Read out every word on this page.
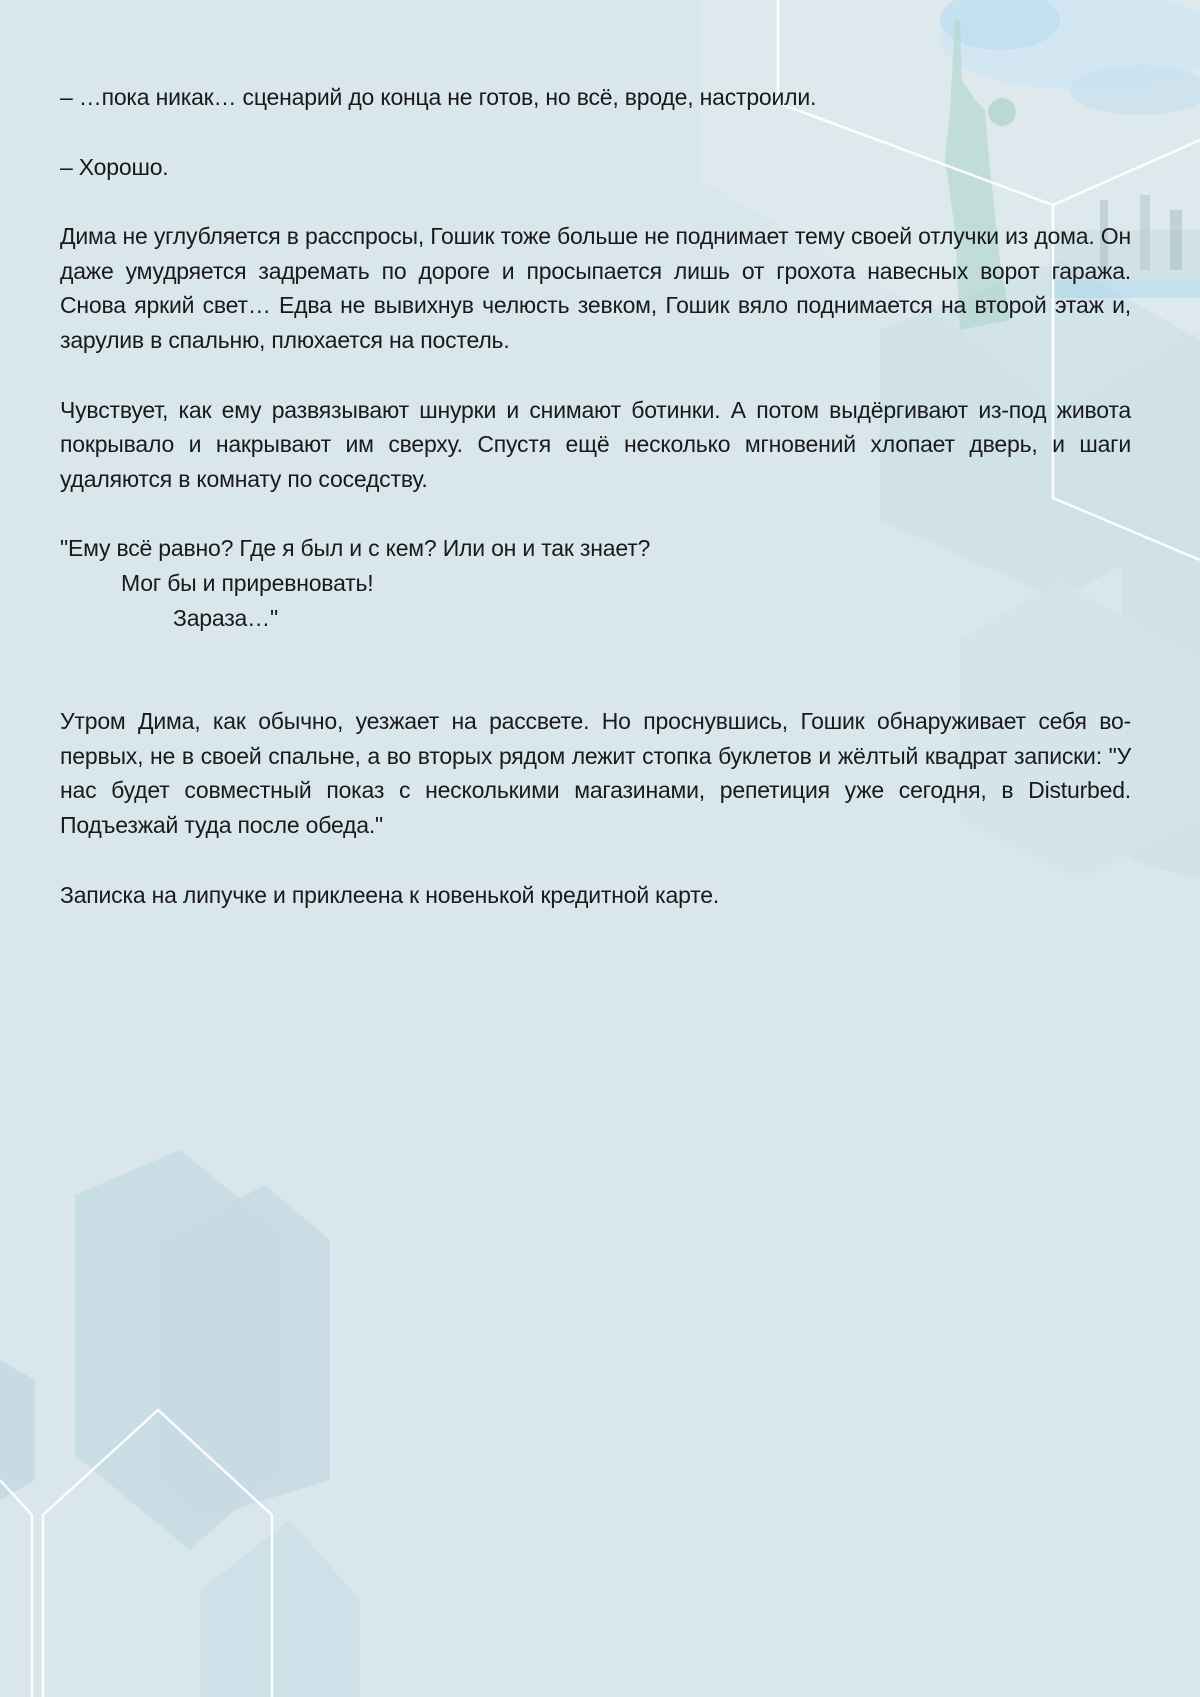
– …пока никак… сценарий до конца не готов, но всё, вроде, настроили.

– Хорошо.

Дима не углубляется в расспросы, Гошик тоже больше не поднимает тему своей отлучки из дома. Он даже умудряется задремать по дороге и просыпается лишь от грохота навесных ворот гаража. Снова яркий свет… Едва не вывихнув челюсть зевком, Гошик вяло поднимается на второй этаж и, зарулив в спальню, плюхается на постель.

Чувствует, как ему развязывают шнурки и снимают ботинки. А потом выдёргивают из-под живота покрывало и накрывают им сверху. Спустя ещё несколько мгновений хлопает дверь, и шаги удаляются в комнату по соседству.

"Ему всё равно? Где я был и с кем? Или он и так знает?
Мог бы и приревновать!
Зараза…"

Утром Дима, как обычно, уезжает на рассвете. Но проснувшись, Гошик обнаруживает себя во-первых, не в своей спальне, а во вторых рядом лежит стопка буклетов и жёлтый квадрат записки: "У нас будет совместный показ с несколькими магазинами, репетиция уже сегодня, в Disturbed. Подъезжай туда после обеда."

Записка на липучке и приклеена к новенькой кредитной карте.
